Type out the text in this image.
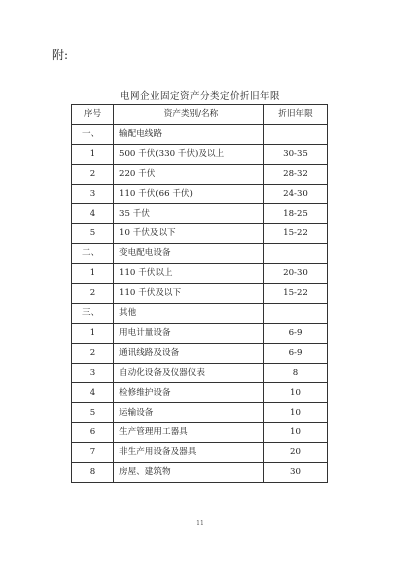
附:
电网企业固定资产分类定价折旧年限
序号	资产类别/名称	折旧年限
一、	输配电线路	
1	500 千伏(330 千伏)及以上	30-35
2	220 千伏	28-32
3	110 千伏(66 千伏)	24-30
4	35 千伏	18-25
5	10 千伏及以下	15-22
二、	变电配电设备	
1	110 千伏以上	20-30
2	110 千伏及以下	15-22
三、	其他	
1	用电计量设备	6-9
2	通讯线路及设备	6-9
3	自动化设备及仪器仪表	8
4	检修维护设备	10
5	运输设备	10
6	生产管理用工器具	10
7	非生产用设备及器具	20
8	房屋、建筑物	30
11
